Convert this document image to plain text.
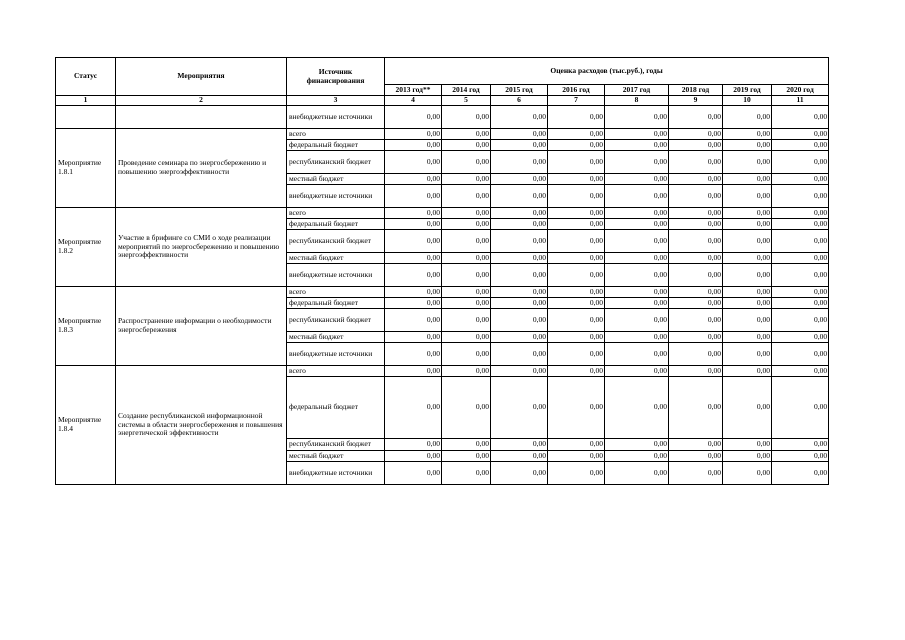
Статус	Мероприятия	Источник финансирования	Оценка расходов (тыс.руб.), годы							
			2013 год**	2014 год	2015 год	2016 год	2017 год	2018 год	2019 год	2020 год
1	2	3	4	5	6	7	8	9	10	11
		внебюджетные источники	0,00	0,00	0,00	0,00	0,00	0,00	0,00	0,00
Мероприятие 1.8.1	Проведение семинара по энергосбережению и повышению энергоэффективности	всего	0,00	0,00	0,00	0,00	0,00	0,00	0,00	0,00
		федеральный бюджет	0,00	0,00	0,00	0,00	0,00	0,00	0,00	0,00
		республиканский бюджет	0,00	0,00	0,00	0,00	0,00	0,00	0,00	0,00
		местный бюджет	0,00	0,00	0,00	0,00	0,00	0,00	0,00	0,00
		внебюджетные источники	0,00	0,00	0,00	0,00	0,00	0,00	0,00	0,00
Мероприятие 1.8.2	Участие в брифинге со СМИ о ходе реализации мероприятий по энергосбережению и повышению энергоэффективности	всего	0,00	0,00	0,00	0,00	0,00	0,00	0,00	0,00
		федеральный бюджет	0,00	0,00	0,00	0,00	0,00	0,00	0,00	0,00
		республиканский бюджет	0,00	0,00	0,00	0,00	0,00	0,00	0,00	0,00
		местный бюджет	0,00	0,00	0,00	0,00	0,00	0,00	0,00	0,00
		внебюджетные источники	0,00	0,00	0,00	0,00	0,00	0,00	0,00	0,00
Мероприятие 1.8.3	Распространение информации о необходимости энергосбережения	всего	0,00	0,00	0,00	0,00	0,00	0,00	0,00	0,00
		федеральный бюджет	0,00	0,00	0,00	0,00	0,00	0,00	0,00	0,00
		республиканский бюджет	0,00	0,00	0,00	0,00	0,00	0,00	0,00	0,00
		местный бюджет	0,00	0,00	0,00	0,00	0,00	0,00	0,00	0,00
		внебюджетные источники	0,00	0,00	0,00	0,00	0,00	0,00	0,00	0,00
Мероприятие 1.8.4	Создание республиканской информационной системы в области энергосбережения и повышения энергетической эффективности	всего	0,00	0,00	0,00	0,00	0,00	0,00	0,00	0,00
		федеральный бюджет	0,00	0,00	0,00	0,00	0,00	0,00	0,00	0,00
		республиканский бюджет	0,00	0,00	0,00	0,00	0,00	0,00	0,00	0,00
		местный бюджет	0,00	0,00	0,00	0,00	0,00	0,00	0,00	0,00
		внебюджетные источники	0,00	0,00	0,00	0,00	0,00	0,00	0,00	0,00
